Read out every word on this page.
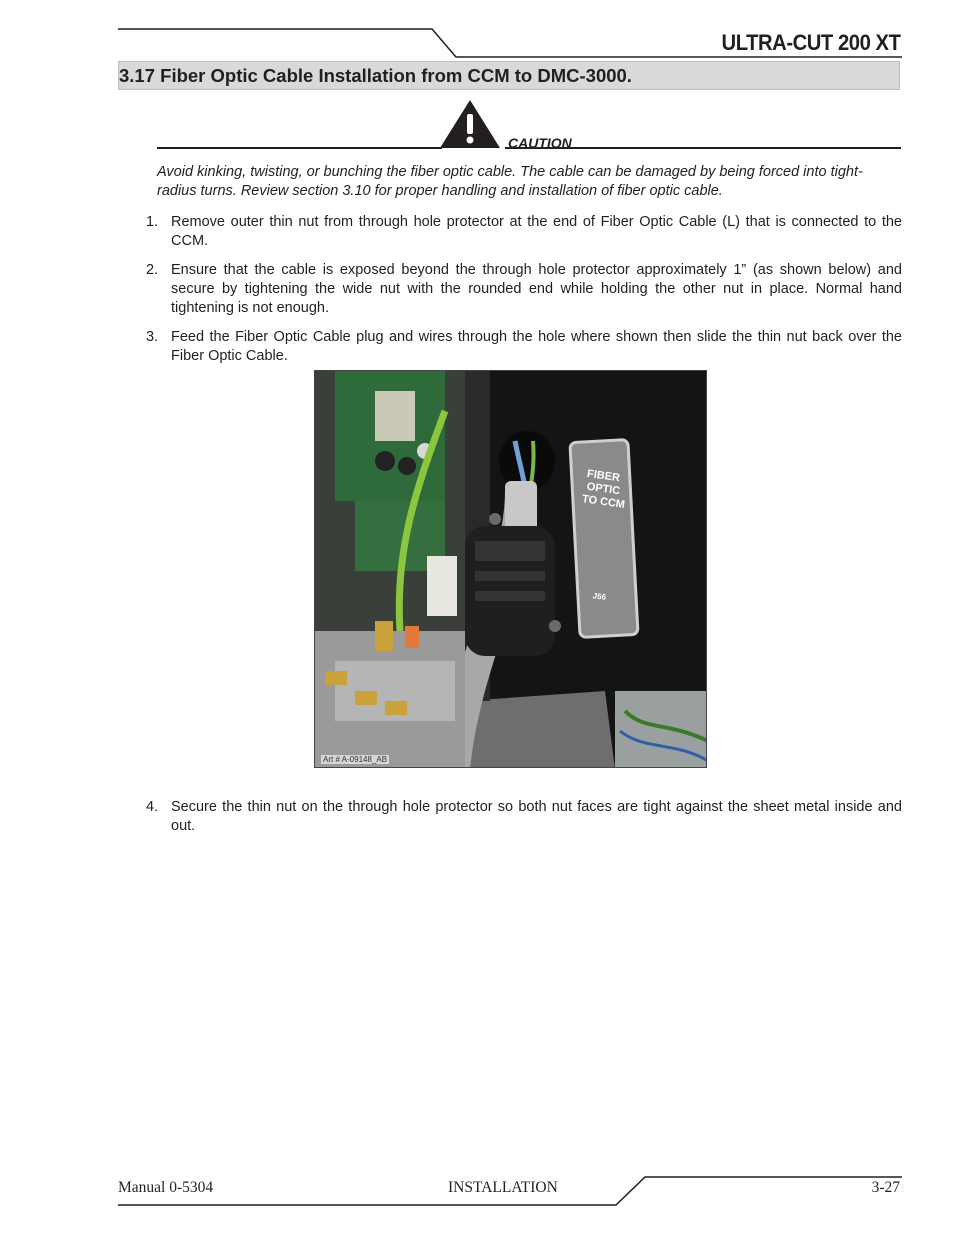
ULTRA-CUT 200 XT
3.17 Fiber Optic Cable Installation from CCM to DMC-3000.
CAUTION
Avoid kinking, twisting, or bunching the fiber optic cable. The cable can be damaged by being forced into tight-radius turns. Review section 3.10 for proper handling and installation of fiber optic cable.
1. Remove outer thin nut from through hole protector at the end of Fiber Optic Cable (L) that is connected to the CCM.
2. Ensure that the cable is exposed beyond the through hole protector approximately 1” (as shown below) and secure by tightening the wide nut with the rounded end while holding the other nut in place. Normal hand tightening is not enough.
3. Feed the Fiber Optic Cable plug and wires through the hole where shown then slide the thin nut back over the Fiber Optic Cable.
FIBER
OPTIC
TO CCM
J56
Art # A-09148_AB
4. Secure the thin nut on the through hole protector so both nut faces are tight against the sheet metal inside and out.
Manual 0-5304	INSTALLATION	3-27
